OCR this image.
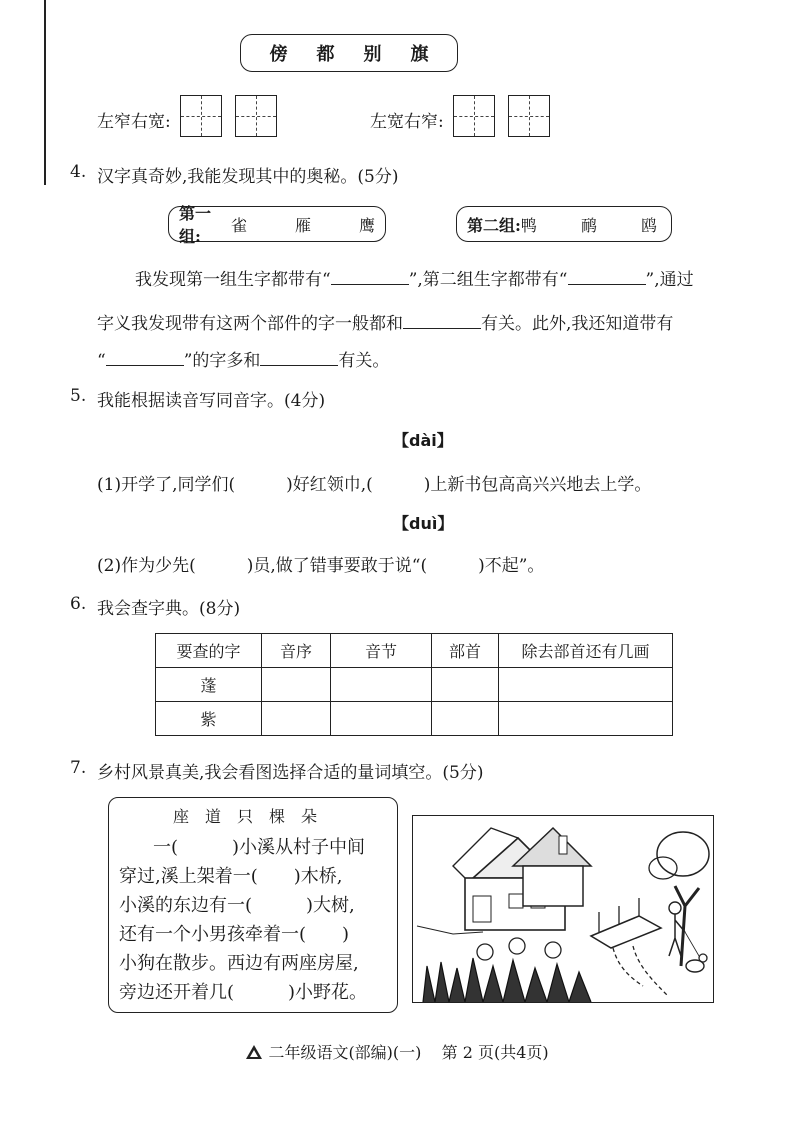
傍 都 别 旗
左窄右宽:	左宽右窄:
4. 汉字真奇妙,我能发现其中的奥秘。(5分)
第一组:
雀	雁	鹰	第二组: 鸭	鸸	鸥
我发现第一组生字都带有“	”,第二组生字都带有“	”,通过
字义我发现带有这两个部件的字一般都和	有关。此外,我还知道带有
“	”的字多和	有关。
5. 我能根据读音写同音字。(4分)
【dài】
(1)开学了,同学们(　　　)好红领巾,(　　　)上新书包高高兴兴地去上学。
【duì】
(2)作为少先(　　　)员,做了错事要敢于说“(　　　)不起”。
6. 我会查字典。(8分)
要查的字	音序	音节	部首	除去部首还有几画
蓬				
紫				
7. 乡村风景真美,我会看图选择合适的量词填空。(5分)
座　道　只　棵　朵
一(　　　)小溪从村子中间
穿过,溪上架着一(　　)木桥,
小溪的东边有一(　　　)大树,
还有一个小男孩牵着一(　　)
小狗在散步。西边有两座房屋,
旁边还开着几(　　　)小野花。
二年级语文(部编)(一) 第 2 页(共4页)
